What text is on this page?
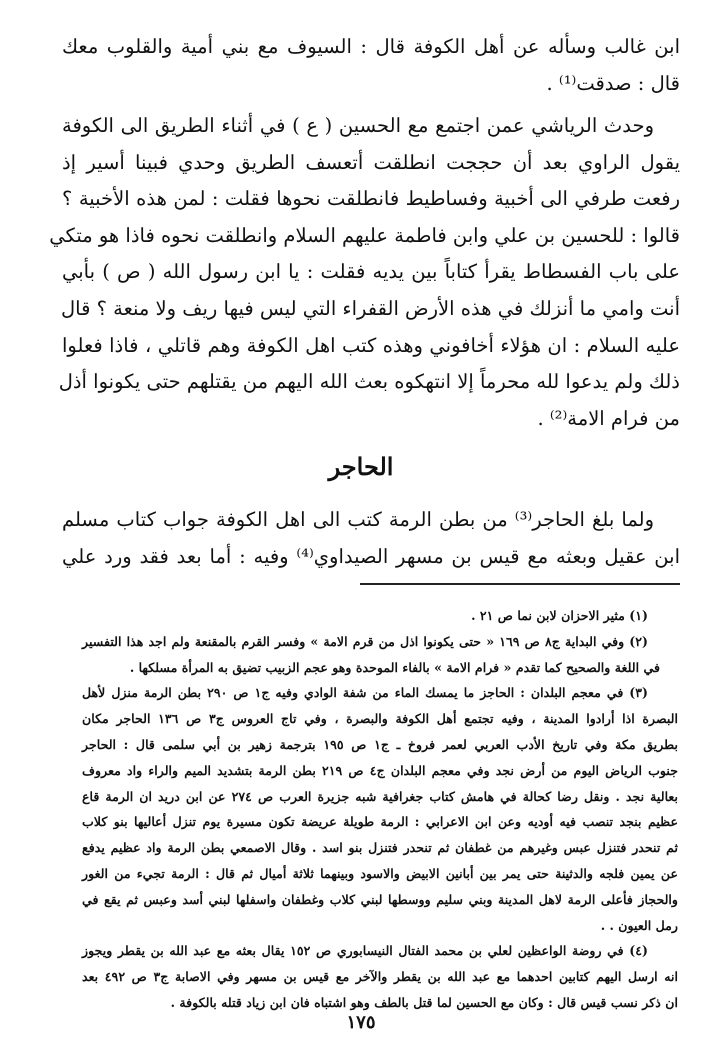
ابن غالب وسأله عن أهل الكوفة قال : السيوف مع بني أمية والقلوب معك
قال : صدقت⁽¹⁾ .
وحدث الرياشي عمن اجتمع مع الحسين ( ع ) في أثناء الطريق الى الكوفة
يقول الراوي بعد أن حججت انطلقت أتعسف الطريق وحدي فبينا أسير إذ
رفعت طرفي الى أخبية وفساطيط فانطلقت نحوها فقلت : لمن هذه الأخبية ؟
قالوا : للحسين بن علي وابن فاطمة عليهم السلام وانطلقت نحوه فاذا هو متكي
على باب الفسطاط يقرأ كتاباً بين يديه فقلت : يا ابن رسول الله ( ص ) بأبي
أنت وامي ما أنزلك في هذه الأرض القفراء التي ليس فيها ريف ولا منعة ؟ قال
عليه السلام : ان هؤلاء أخافوني وهذه كتب اهل الكوفة وهم قاتلي ، فاذا فعلوا
ذلك ولم يدعوا لله محرماً إلا انتهكوه بعث الله اليهم من يقتلهم حتى يكونوا أذل
من فرام الامة⁽²⁾ .
الحاجر
ولما بلغ الحاجر⁽³⁾ من بطن الرمة كتب الى اهل الكوفة جواب كتاب مسلم
ابن عقيل وبعثه مع قيس بن مسهر الصيداوي⁽⁴⁾ وفيه : أما بعد فقد ورد علي
(١) مثير الاحزان لابن نما ص ٢١ .
(٢) وفي البداية ج٨ ص ١٦٩ « حتى يكونوا اذل من قرم الامة » وفسر القرم بالمقنعة ولم اجد هذا التفسير
في اللغة والصحيح كما تقدم « فرام الامة » بالفاء الموحدة وهو عجم الزبيب تضيق به المرأة مسلكها .
(٣) في معجم البلدان : الحاجز ما يمسك الماء من شفة الوادي وفيه ج١ ص ٢٩٠ بطن الرمة منزل لأهل
البصرة اذا أرادوا المدينة ، وفيه تجتمع أهل الكوفة والبصرة ، وفي تاج العروس ج٣ ص ١٣٦ الحاجر مكان
بطريق مكة وفي تاريخ الأدب العربي لعمر فروخ ـ ج١ ص ١٩٥ بترجمة زهير بن أبي سلمى قال : الحاجر
جنوب الرياض اليوم من أرض نجد وفي معجم البلدان ج٤ ص ٢١٩ بطن الرمة بتشديد الميم والراء واد معروف
بعالية نجد . ونقل رضا كحالة في هامش كتاب جغرافية شبه جزيرة العرب ص ٢٧٤ عن ابن دريد ان الرمة قاع
عظيم بنجد تنصب فيه أوديه وعن ابن الاعرابي : الرمة طويلة عريضة تكون مسيرة يوم تنزل أعاليها بنو كلاب
ثم تنحدر فتنزل عبس وغيرهم من غطفان ثم تنحدر فتنزل بنو اسد . وقال الاصمعي بطن الرمة واد عظيم يدفع
عن يمين فلجه والدثينة حتى يمر بين أبانين الابيض والاسود وبينهما ثلاثة أميال ثم قال : الرمة تجيء من الغور
والحجاز فأعلى الرمة لاهل المدينة وبني سليم ووسطها لبني كلاب وغطفان واسفلها لبني أسد وعبس ثم يقع في
رمل العيون . .
(٤) في روضة الواعظين لعلي بن محمد الفتال النيسابوري ص ١٥٢ يقال بعثه مع عبد الله بن يقطر ويجوز
انه ارسل اليهم كتابين احدهما مع عبد الله بن يقطر والآخر مع قيس بن مسهر وفي الاصابة ج٣ ص ٤٩٢ بعد
ان ذكر نسب قيس قال : وكان مع الحسين لما قتل بالطف وهو اشتباه فان ابن زياد قتله بالكوفة .
١٧٥
